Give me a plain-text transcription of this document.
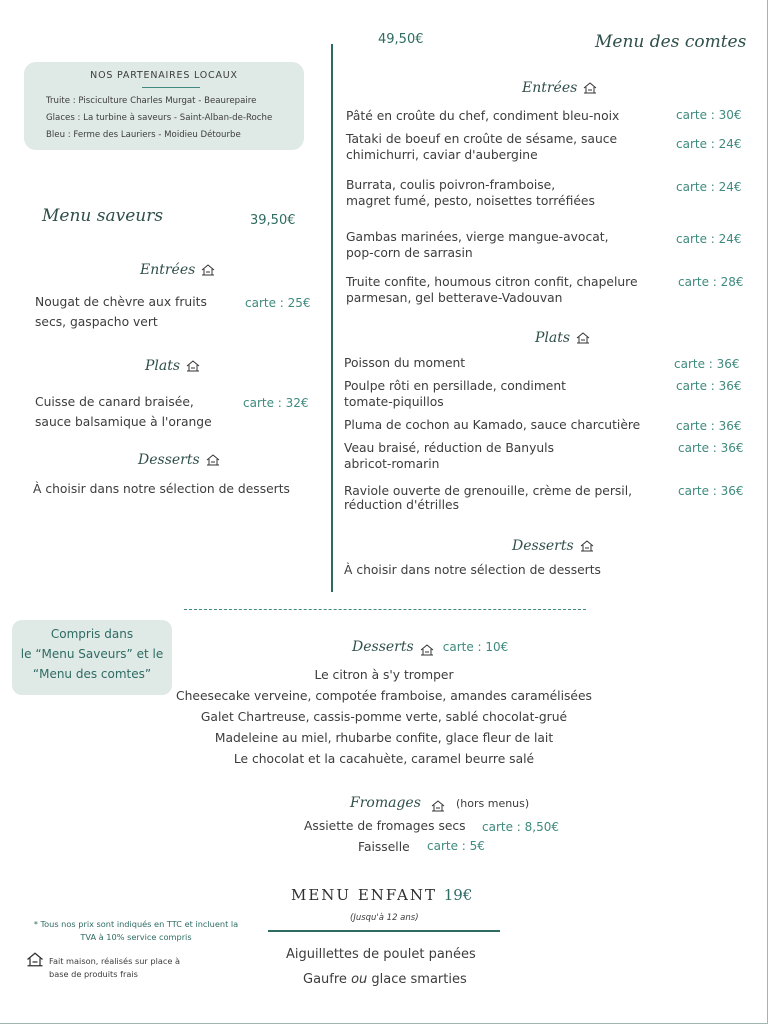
NOS PARTENAIRES LOCAUX
Truite : Pisciculture Charles Murgat - Beaurepaire
Glaces : La turbine à saveurs - Saint-Alban-de-Roche
Bleu : Ferme des Lauriers - Moidieu Détourbe
Menu saveurs	39,50€
Entrées
Nougat de chèvre aux fruits
secs, gaspacho vert
carte : 25€
Plats
Cuisse de canard braisée,
sauce balsamique à l'orange
carte : 32€
Desserts
À choisir dans notre sélection de desserts
49,50€	Menu des comtes
Entrées
Pâté en croûte du chef, condiment bleu-noix	carte : 30€
Tataki de boeuf en croûte de sésame, sauce
chimichurri, caviar d'aubergine
carte : 24€
Burrata, coulis poivron-framboise,
magret fumé, pesto, noisettes torréfiées
carte : 24€
Gambas marinées, vierge mangue-avocat,
pop-corn de sarrasin
carte : 24€
Truite confite, houmous citron confit, chapelure
parmesan, gel betterave-Vadouvan
carte : 28€
Plats
Poisson du moment	carte : 36€
Poulpe rôti en persillade, condiment
tomate-piquillos
carte : 36€
Pluma de cochon au Kamado, sauce charcutière	carte : 36€
Veau braisé, réduction de Banyuls
abricot-romarin
carte : 36€
Raviole ouverte de grenouille, crème de persil,
réduction d'étrilles
carte : 36€
Desserts
À choisir dans notre sélection de desserts
Compris dans
le “Menu Saveurs” et le
“Menu des comtes”
Desserts carte : 10€
Le citron à s'y tromper
Cheesecake verveine, compotée framboise, amandes caramélisées
Galet Chartreuse, cassis-pomme verte, sablé chocolat-grué
Madeleine au miel, rhubarbe confite, glace fleur de lait
Le chocolat et la cacahuète, caramel beurre salé
Fromages	(hors menus)
Assiette de fromages secs carte : 8,50€
Faisselle carte : 5€
MENU ENFANT 19€
(Jusqu'à 12 ans)
Aiguillettes de poulet panées
Gaufre ou glace smarties
* Tous nos prix sont indiqués en TTC et incluent la
TVA à 10% service compris
Fait maison, réalisés sur place à
base de produits frais
